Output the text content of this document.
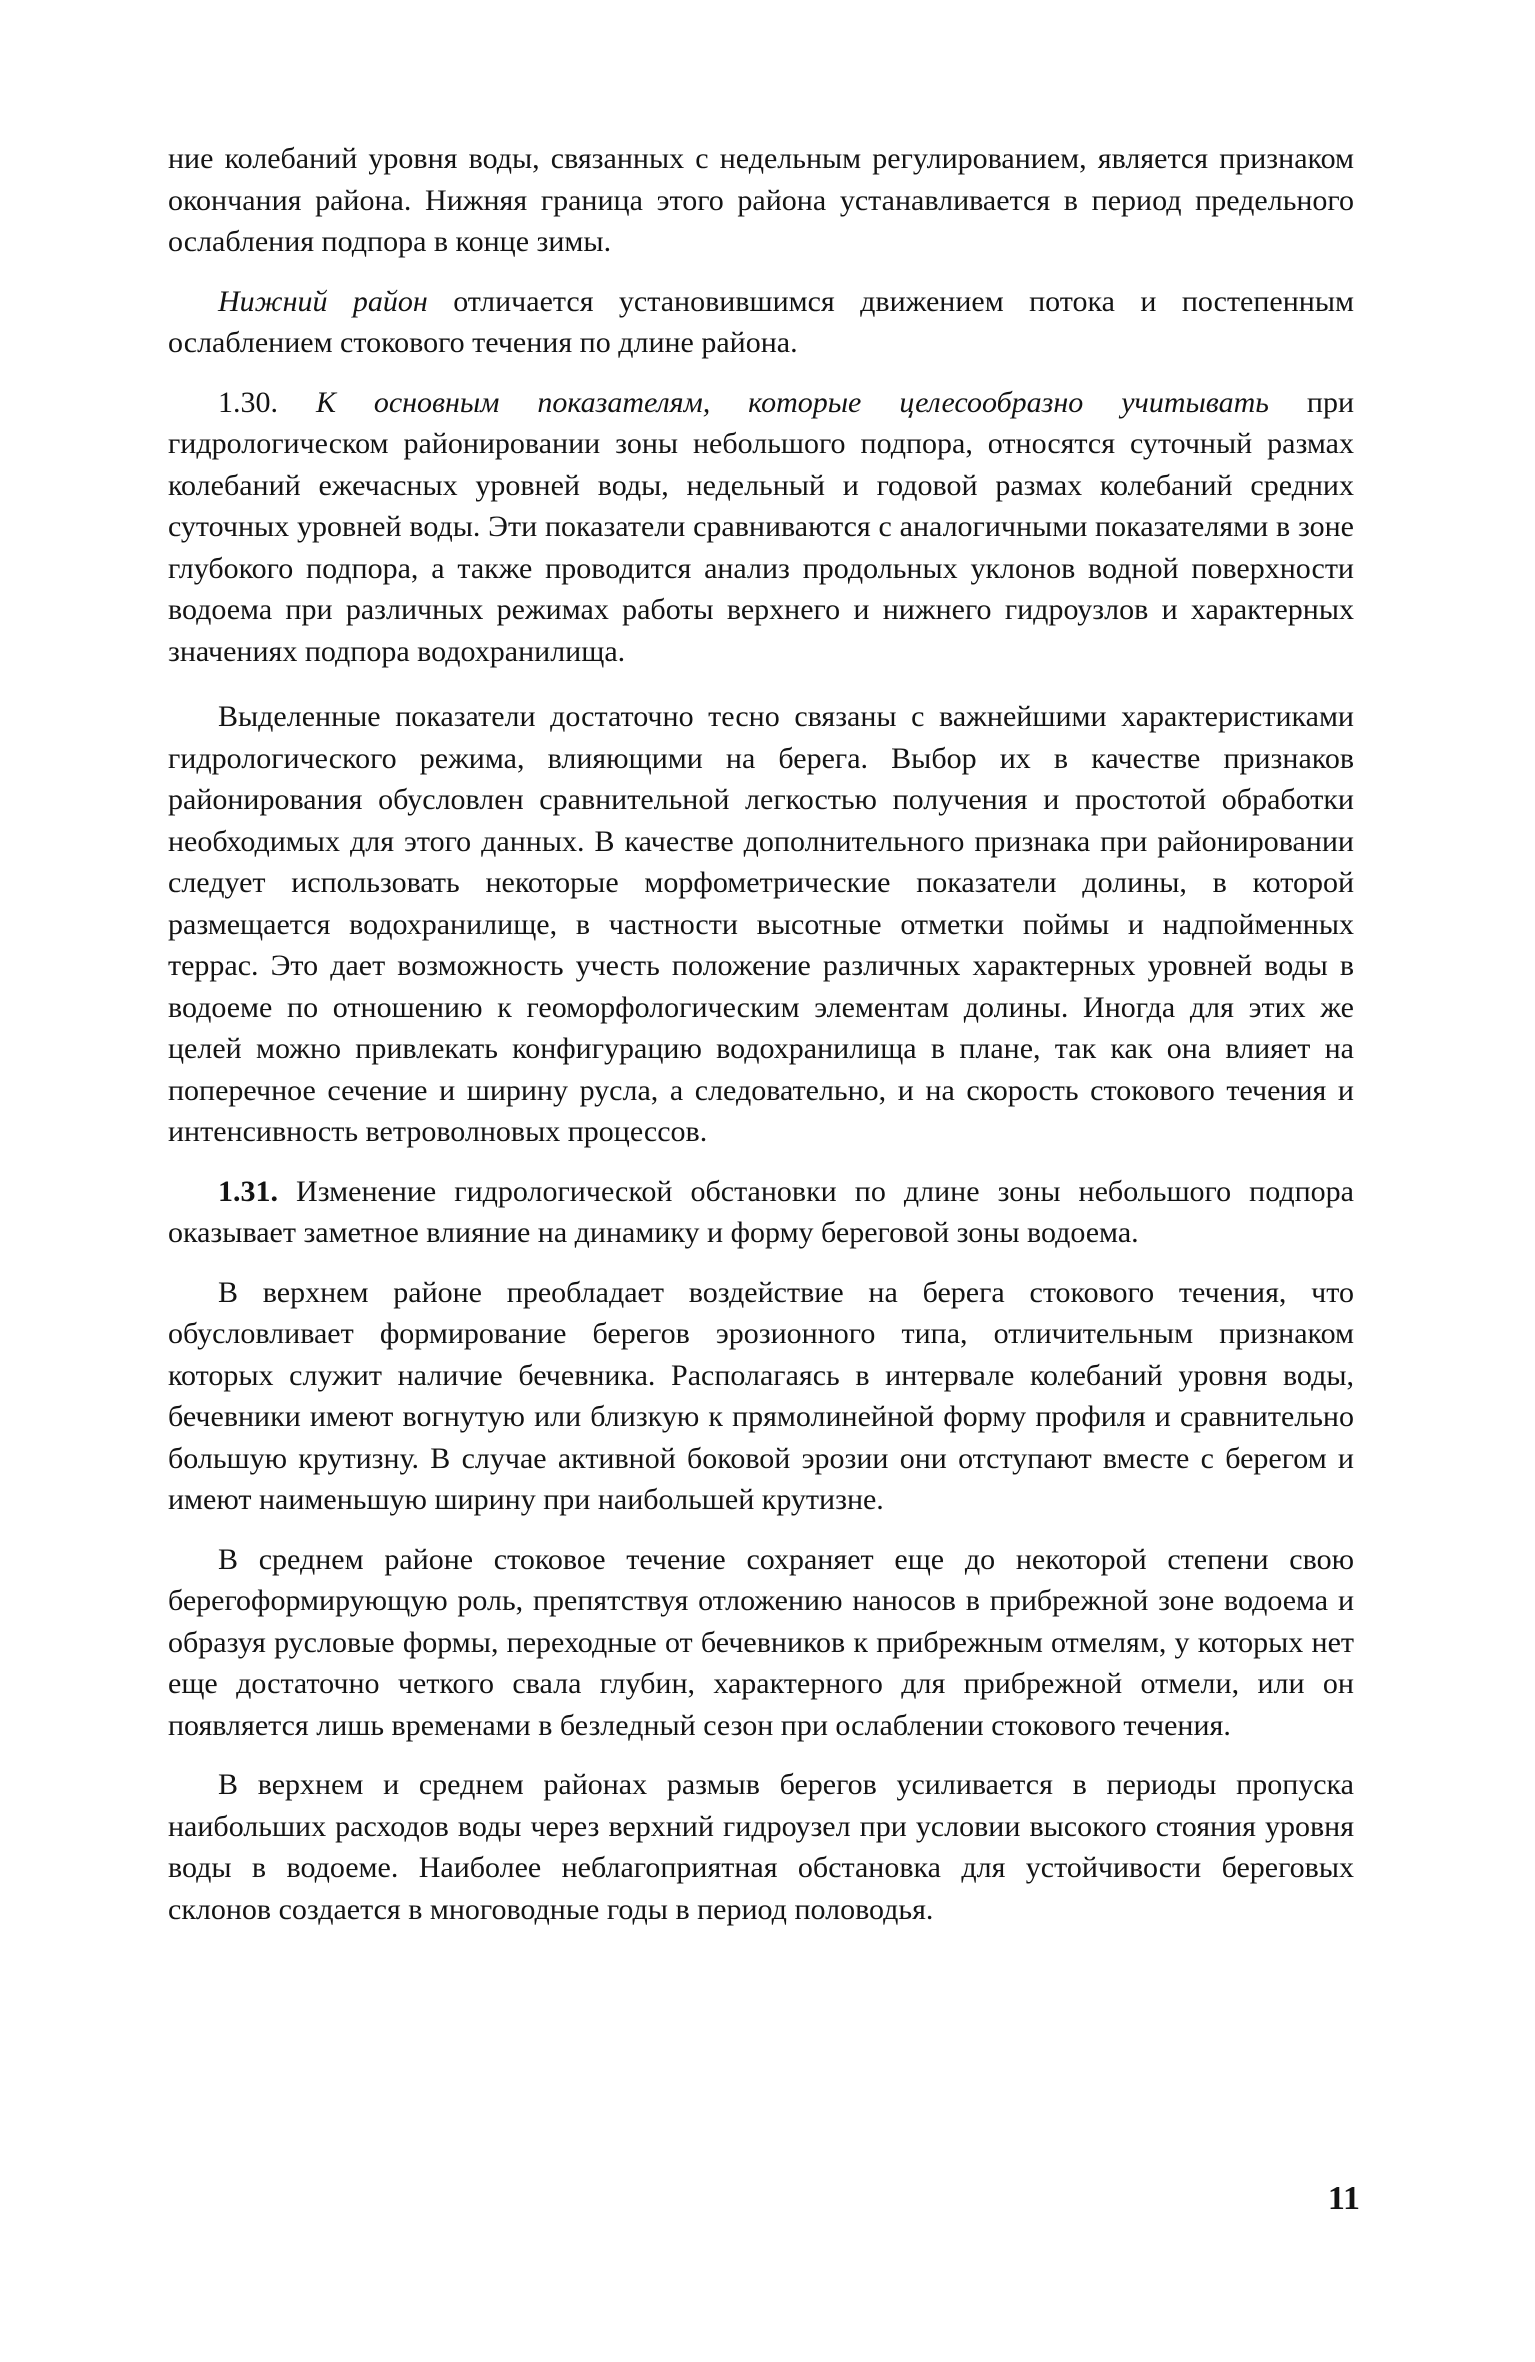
ние колебаний уровня воды, связанных с недельным регулированием, является признаком окончания района. Нижняя граница этого района устанавливается в период предельного ослабления подпора в конце зимы.

Нижний район отличается установившимся движением потока и постепенным ослаблением стокового течения по длине района.

1.30. К основным показателям, которые целесообразно учитывать при гидрологическом районировании зоны небольшого подпора, относятся суточный размах колебаний ежечасных уровней воды, недельный и годовой размах колебаний средних суточных уровней воды. Эти показатели сравниваются с аналогичными показателями в зоне глубокого подпора, а также проводится анализ продольных уклонов водной поверхности водоема при различных режимах работы верхнего и нижнего гидроузлов и характерных значениях подпора водохранилища.

Выделенные показатели достаточно тесно связаны с важнейшими характеристиками гидрологического режима, влияющими на берега. Выбор их в качестве признаков районирования обусловлен сравнительной легкостью получения и простотой обработки необходимых для этого данных. В качестве дополнительного признака при районировании следует использовать некоторые морфометрические показатели долины, в которой размещается водохранилище, в частности высотные отметки поймы и надпойменных террас. Это дает возможность учесть положение различных характерных уровней воды в водоеме по отношению к геоморфологическим элементам долины. Иногда для этих же целей можно привлекать конфигурацию водохранилища в плане, так как она влияет на поперечное сечение и ширину русла, а следовательно, и на скорость стокового течения и интенсивность ветроволновых процессов.

1.31. Изменение гидрологической обстановки по длине зоны небольшого подпора оказывает заметное влияние на динамику и форму береговой зоны водоема.

В верхнем районе преобладает воздействие на берега стокового течения, что обусловливает формирование берегов эрозионного типа, отличительным признаком которых служит наличие бечевника. Располагаясь в интервале колебаний уровня воды, бечевники имеют вогнутую или близкую к прямолинейной форму профиля и сравнительно большую крутизну. В случае активной боковой эрозии они отступают вместе с берегом и имеют наименьшую ширину при наибольшей крутизне.

В среднем районе стоковое течение сохраняет еще до некоторой степени свою берегоформирующую роль, препятствуя отложению наносов в прибрежной зоне водоема и образуя русловые формы, переходные от бечевников к прибрежным отмелям, у которых нет еще достаточно четкого свала глубин, характерного для прибрежной отмели, или он появляется лишь временами в безледный сезон при ослаблении стокового течения.

В верхнем и среднем районах размыв берегов усиливается в периоды пропуска наибольших расходов воды через верхний гидроузел при условии высокого стояния уровня воды в водоеме. Наиболее неблагоприятная обстановка для устойчивости береговых склонов создается в многоводные годы в период половодья.

11
